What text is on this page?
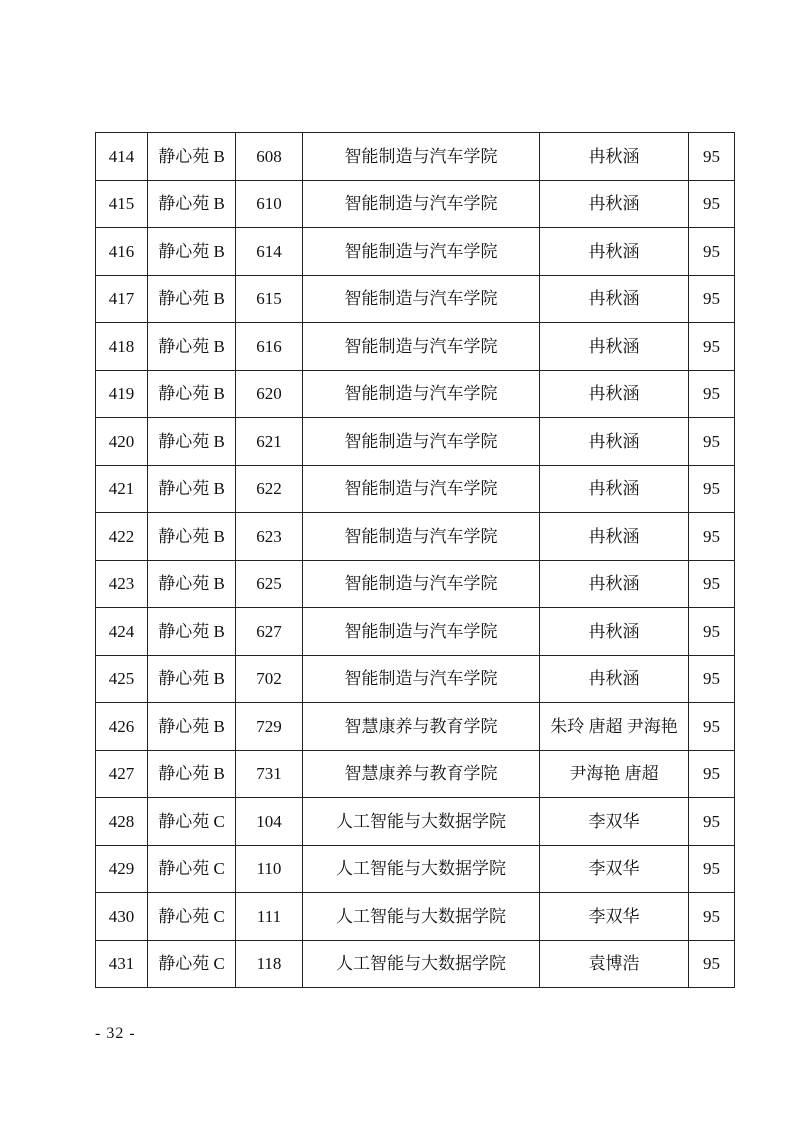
414	静心苑 B	608	智能制造与汽车学院	冉秋涵	95
415	静心苑 B	610	智能制造与汽车学院	冉秋涵	95
416	静心苑 B	614	智能制造与汽车学院	冉秋涵	95
417	静心苑 B	615	智能制造与汽车学院	冉秋涵	95
418	静心苑 B	616	智能制造与汽车学院	冉秋涵	95
419	静心苑 B	620	智能制造与汽车学院	冉秋涵	95
420	静心苑 B	621	智能制造与汽车学院	冉秋涵	95
421	静心苑 B	622	智能制造与汽车学院	冉秋涵	95
422	静心苑 B	623	智能制造与汽车学院	冉秋涵	95
423	静心苑 B	625	智能制造与汽车学院	冉秋涵	95
424	静心苑 B	627	智能制造与汽车学院	冉秋涵	95
425	静心苑 B	702	智能制造与汽车学院	冉秋涵	95
426	静心苑 B	729	智慧康养与教育学院	朱玲 唐超 尹海艳	95
427	静心苑 B	731	智慧康养与教育学院	尹海艳 唐超	95
428	静心苑 C	104	人工智能与大数据学院	李双华	95
429	静心苑 C	110	人工智能与大数据学院	李双华	95
430	静心苑 C	111	人工智能与大数据学院	李双华	95
431	静心苑 C	118	人工智能与大数据学院	袁博浩	95
- 32 -
